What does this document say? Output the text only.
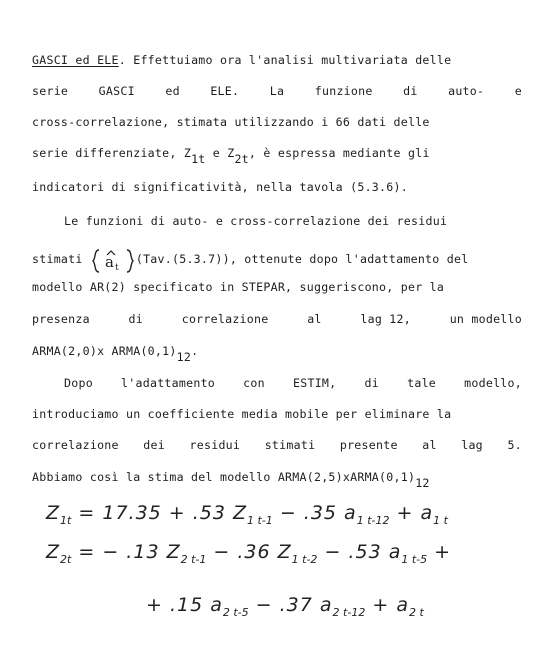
GASCI ed ELE. Effettuiamo ora l'analisi multivariata delle
serie	GASCI	ed	ELE.	La	funzione	di	auto-	e
cross-correlazione, stimata utilizzando i 66 dati delle
serie differenziate, Z1t e Z2t, è espressa mediante gli
indicatori di significatività, nella tavola (5.3.6).
Le funzioni di auto- e cross-correlazione dei residui
stimati a t
(Tav.(5.3.7)), ottenute dopo l'adattamento del
modello AR(2) specificato in STEPAR, suggeriscono, per la
presenza	di	correlazione	al	lag 12,	un modello
ARMA(2,0)x ARMA(0,1)12.
Dopo l'adattamento con ESTIM, di tale modello,
introduciamo un coefficiente media mobile per eliminare la
correlazione dei residui stimati presente al lag 5.
Abbiamo così la stima del modello ARMA(2,5)xARMA(0,1)12
$Z_{1t} = 17.35 + .53$ $Z_{1 t-1} - .35$ $a_{1 t-12} + a_{1 t}$
$Z_{2t}$ = − .13 $Z_{2 t-1} - .36$ $Z_{1 t-2} - .53$ $a_{1 t-5}$ +
+ .15 $a_{2 t-5} - .37$ $a_{2 t-12} + a_{2 t}$
